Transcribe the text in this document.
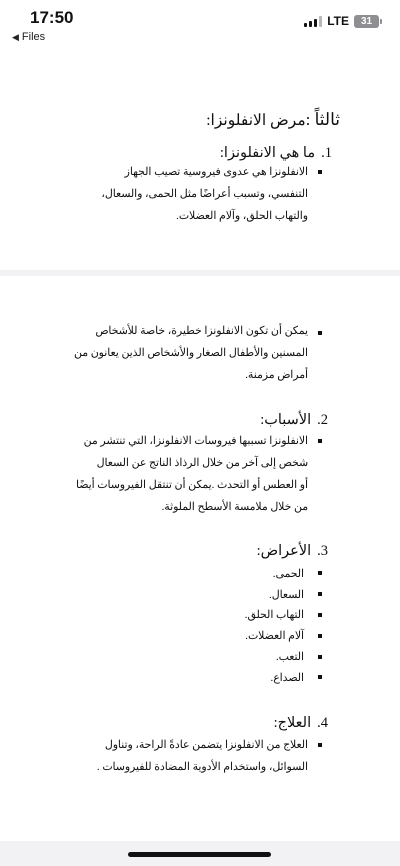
17:50
◀ Files
LTE	31
ثالثاً :مرض الانفلونزا:
1.
ما هي الانفلونزا:
الانفلونزا هي عدوى فيروسية تصيب الجهاز
التنفسي، وتسبب أعراضًا مثل الحمى، والسعال،
والتهاب الحلق، وآلام العضلات.
يمكن أن تكون الانفلونزا خطيرة، خاصة للأشخاص
المسنين والأطفال الصغار والأشخاص الذين يعانون من
أمراض مزمنة.
2.
الأسباب:
الانفلونزا تسببها فيروسات الانفلونزا، التي تنتشر من
شخص إلى آخر من خلال الرذاذ الناتج عن السعال
أو العطس أو التحدث .يمكن أن تنتقل الفيروسات أيضًا
من خلال ملامسة الأسطح الملوثة.
3.
الأعراض:
الحمى.
السعال.
التهاب الحلق.
آلام العضلات.
التعب.
الصداع.
4.
العلاج:
العلاج من الانفلونزا يتضمن عادةً الراحة، وتناول
السوائل، واستخدام الأدوية المضادة للفيروسات .
